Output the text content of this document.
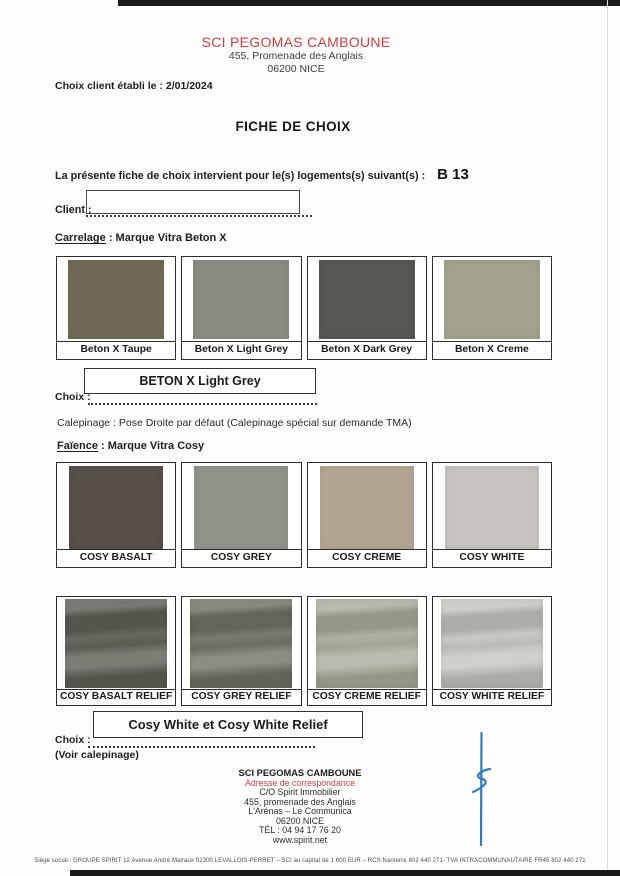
SCI PEGOMAS CAMBOUNE
455, Promenade des Anglais
06200 NICE
Choix client établi le : 2/01/2024
FICHE DE CHOIX
La présente fiche de choix intervient pour le(s) logements(s) suivant(s) : B 13
Client :
Carrelage : Marque Vitra Beton X
Beton X Taupe	Beton X Light Grey	Beton X Dark Grey	Beton X Creme
BETON X Light Grey
Choix :
Calepinage : Pose Droite par défaut (Calepinage spécial sur demande TMA)
Faïence : Marque Vitra Cosy
COSY BASALT	COSY GREY	COSY CREME	COSY WHITE
COSY BASALT RELIEF	COSY GREY RELIEF	COSY CREME RELIEF	COSY WHITE RELIEF
Cosy White et Cosy White Relief
Choix :
(Voir calepinage)
SCI PEGOMAS CAMBOUNE
Adresse de correspondance
C/O Spirit Immobilier
455, promenade des Anglais
L'Arénas – Le Communica
06200 NICE
TÉL : 04 94 17 76 20
www.spirit.net
Siège social : GROUPE SPIRIT 12 Avenue André Malraux 92300 LEVALLOIS-PERRET – SCI au capital de 1 600 EUR – RCS Nanterre 802 440 271- TVA INTRACOMMUNAUTAIRE FR45 802 440 271
